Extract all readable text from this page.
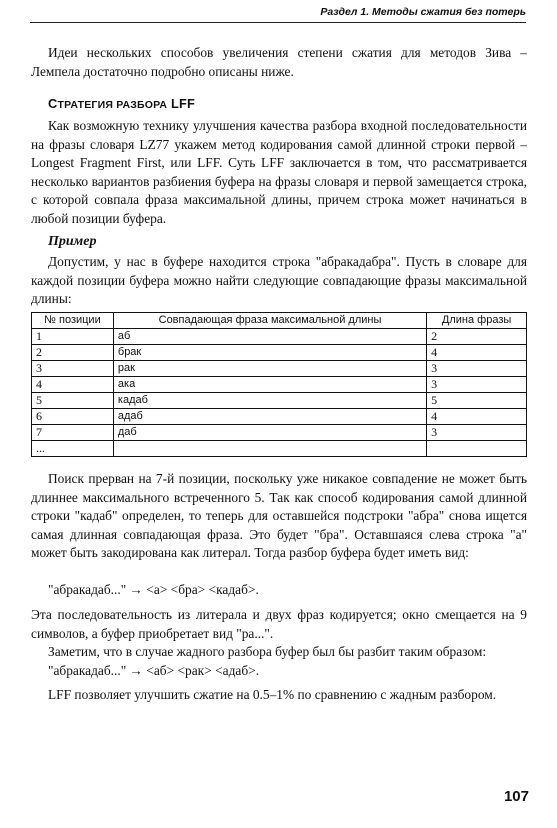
Раздел 1. Методы сжатия без потерь

Идеи нескольких способов увеличения степени сжатия для методов Зива – Лемпела достаточно подробно описаны ниже.

СТРАТЕГИЯ РАЗБОРА LFF

Как возможную технику улучшения качества разбора входной последовательности на фразы словаря LZ77 укажем метод кодирования самой длинной строки первой – Longest Fragment First, или LFF. Суть LFF заключается в том, что рассматривается несколько вариантов разбиения буфера на фразы словаря и первой замещается строка, с которой совпала фраза максимальной длины, причем строка может начинаться в любой позиции буфера.

Пример

Допустим, у нас в буфере находится строка "абракадабра". Пусть в словаре для каждой позиции буфера можно найти следующие совпадающие фразы максимальной длины:

№ позиции	Совпадающая фраза максимальной длины	Длина фразы
1	аб	2
2	брак	4
3	рак	3
4	ака	3
5	кадаб	5
6	адаб	4
7	даб	3
...		

Поиск прерван на 7-й позиции, поскольку уже никакое совпадение не может быть длиннее максимального встреченного 5. Так как способ кодирования самой длинной строки "кадаб" определен, то теперь для оставшейся подстроки "абра" снова ищется самая длинная совпадающая фраза. Это будет "бра". Оставшаяся слева строка "а" может быть закодирована как литерал. Тогда разбор буфера будет иметь вид:

"абракадаб..." → <а> <бра> <кадаб>.

Эта последовательность из литерала и двух фраз кодируется; окно смещается на 9 символов, а буфер приобретает вид "ра...".

Заметим, что в случае жадного разбора буфер был бы разбит таким образом:

"абракадаб..." → <аб> <рак> <адаб>.

LFF позволяет улучшить сжатие на 0.5–1% по сравнению с жадным разбором.

107
